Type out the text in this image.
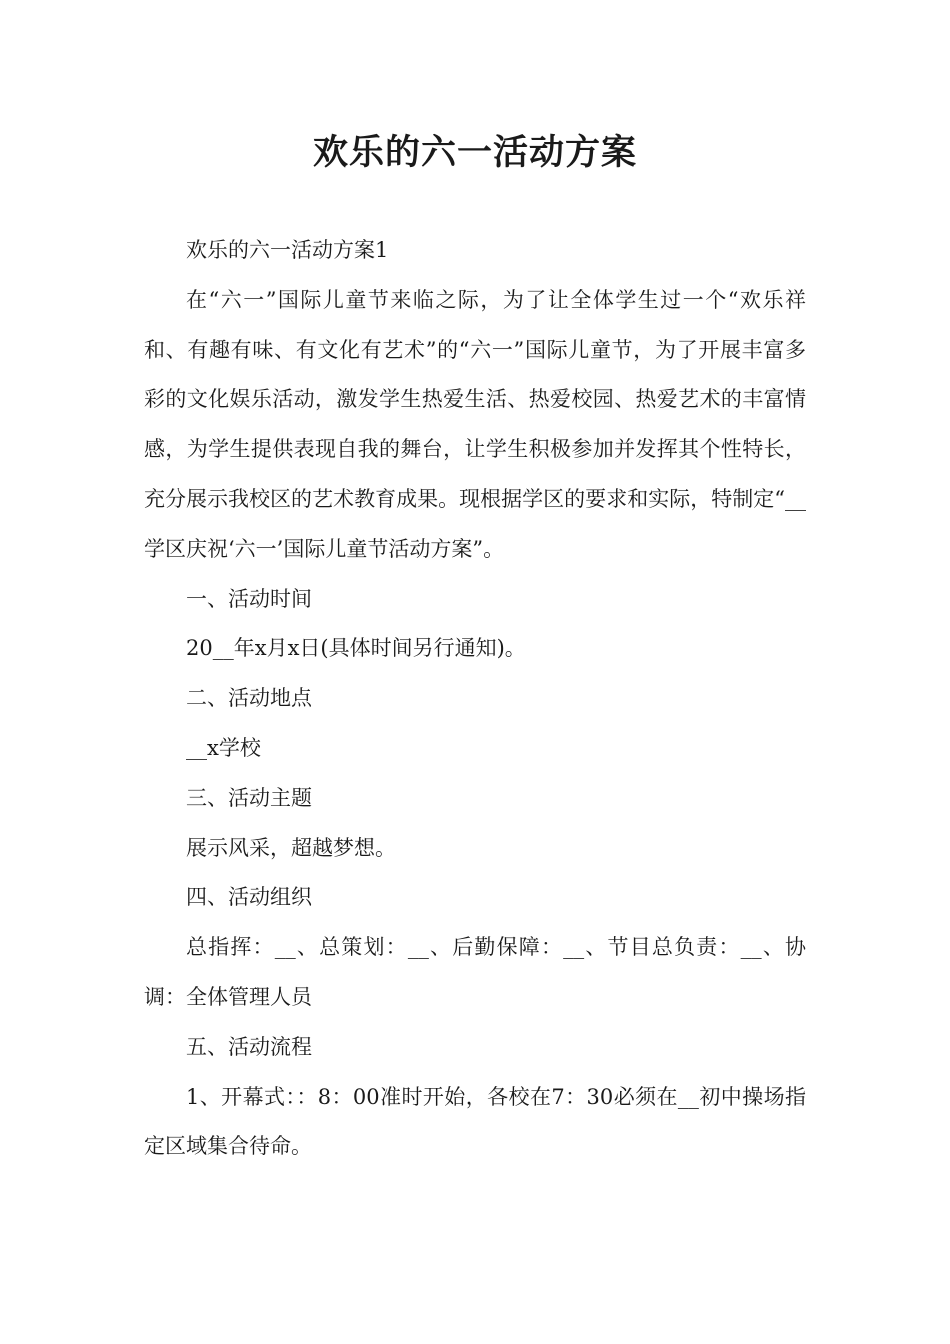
欢乐的六一活动方案

欢乐的六一活动方案1

在“六一”国际儿童节来临之际，为了让全体学生过一个“欢乐祥和、有趣有味、有文化有艺术”的“六一”国际儿童节，为了开展丰富多彩的文化娱乐活动，激发学生热爱生活、热爱校园、热爱艺术的丰富情感，为学生提供表现自我的舞台，让学生积极参加并发挥其个性特长，充分展示我校区的艺术教育成果。现根据学区的要求和实际，特制定“__学区庆祝‘六一’国际儿童节活动方案”。

一、活动时间

20__年x月x日(具体时间另行通知)。

二、活动地点

__x学校

三、活动主题

展示风采，超越梦想。

四、活动组织

总指挥：__、总策划：__、后勤保障：__、节目总负责：__、协调：全体管理人员

五、活动流程

1、开幕式：：8：00准时开始，各校在7：30必须在__初中操场指定区域集合待命。
